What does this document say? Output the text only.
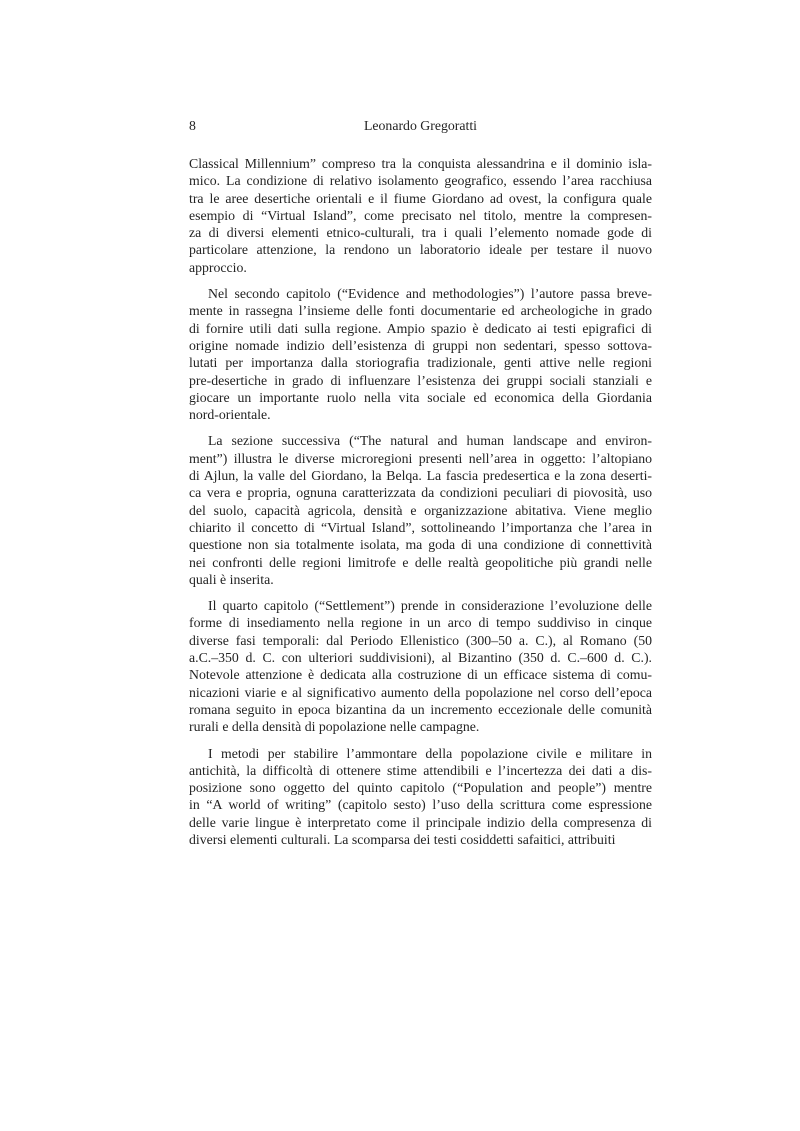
8	Leonardo Gregoratti
Classical Millennium” compreso tra la conquista alessandrina e il dominio isla-
mico. La condizione di relativo isolamento geografico, essendo l’area racchiusa
tra le aree desertiche orientali e il fiume Giordano ad ovest, la configura quale
esempio di “Virtual Island”, come precisato nel titolo, mentre la compresen-
za di diversi elementi etnico-culturali, tra i quali l’elemento nomade gode di
particolare attenzione, la rendono un laboratorio ideale per testare il nuovo
approccio.
Nel secondo capitolo (“Evidence and methodologies”) l’autore passa breve-
mente in rassegna l’insieme delle fonti documentarie ed archeologiche in grado
di fornire utili dati sulla regione. Ampio spazio è dedicato ai testi epigrafici di
origine nomade indizio dell’esistenza di gruppi non sedentari, spesso sottova-
lutati per importanza dalla storiografia tradizionale, genti attive nelle regioni
pre-desertiche in grado di influenzare l’esistenza dei gruppi sociali stanziali e
giocare un importante ruolo nella vita sociale ed economica della Giordania
nord-orientale.
La sezione successiva (“The natural and human landscape and environ-
ment”) illustra le diverse microregioni presenti nell’area in oggetto: l’altopiano
di Ajlun, la valle del Giordano, la Belqa. La fascia predesertica e la zona deserti-
ca vera e propria, ognuna caratterizzata da condizioni peculiari di piovosità, uso
del suolo, capacità agricola, densità e organizzazione abitativa. Viene meglio
chiarito il concetto di “Virtual Island”, sottolineando l’importanza che l’area in
questione non sia totalmente isolata, ma goda di una condizione di connettività
nei confronti delle regioni limitrofe e delle realtà geopolitiche più grandi nelle
quali è inserita.
Il quarto capitolo (“Settlement”) prende in considerazione l’evoluzione delle
forme di insediamento nella regione in un arco di tempo suddiviso in cinque
diverse fasi temporali: dal Periodo Ellenistico (300–50 a. C.), al Romano (50
a.C.–350 d. C. con ulteriori suddivisioni), al Bizantino (350 d. C.–600 d. C.).
Notevole attenzione è dedicata alla costruzione di un efficace sistema di comu-
nicazioni viarie e al significativo aumento della popolazione nel corso dell’epoca
romana seguito in epoca bizantina da un incremento eccezionale delle comunità
rurali e della densità di popolazione nelle campagne.
I metodi per stabilire l’ammontare della popolazione civile e militare in
antichità, la difficoltà di ottenere stime attendibili e l’incertezza dei dati a dis-
posizione sono oggetto del quinto capitolo (“Population and people”) mentre
in “A world of writing” (capitolo sesto) l’uso della scrittura come espressione
delle varie lingue è interpretato come il principale indizio della compresenza di
diversi elementi culturali. La scomparsa dei testi cosiddetti safaitici, attribuiti
